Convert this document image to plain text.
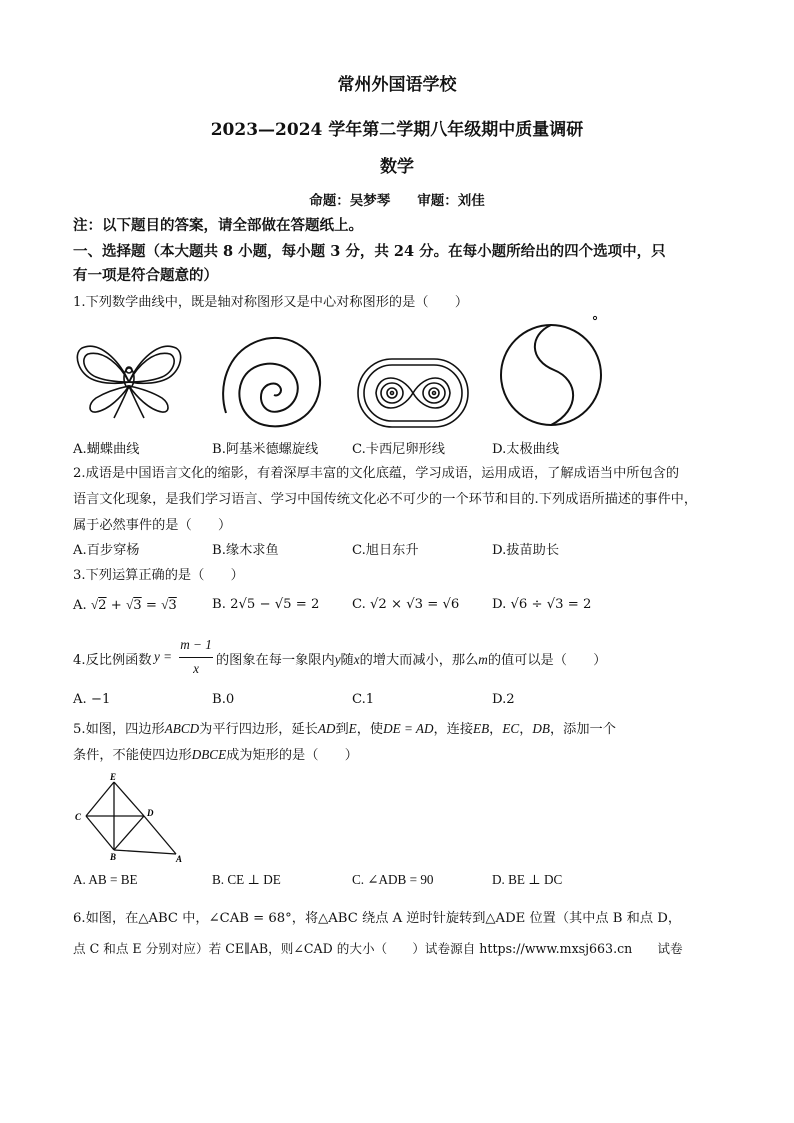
常州外国语学校
2023—2024 学年第二学期八年级期中质量调研
数学
命题：吴梦琴　　审题：刘佳
注：以下题目的答案，请全部做在答题纸上。
一、选择题（本大题共 8 小题，每小题 3 分，共 24 分。在每小题所给出的四个选项中，只
有一项是符合题意的）
1.下列数学曲线中，既是轴对称图形又是中心对称图形的是（　　）
A.蝴蝶曲线	B.阿基米德螺旋线	C.卡西尼卵形线	D.太极曲线
2.成语是中国语言文化的缩影，有着深厚丰富的文化底蕴，学习成语，运用成语，了解成语当中所包含的
语言文化现象，是我们学习语言、学习中国传统文化必不可少的一个环节和目的.下列成语所描述的事件中，
属于必然事件的是（　　）
A.百步穿杨	B.缘木求鱼	C.旭日东升	D.拔苗助长
3.下列运算正确的是（　　）
A. √2 + √3 = √3	B. 2√5 − √5 = 2 C. √2 × √3 = √6 D. √6 ÷ √3 = 2
4.反比例函数 y =
m − 1
x
的图象在每一象限内y随x的增大而减小，那么m的值可以是（　　）
A. −1	B.0	C.1	D.2
5.如图，四边形ABCD为平行四边形，延长AD到E，使DE = AD，连接EB，EC，DB，添加一个
条件，不能使四边形DBCE成为矩形的是（　　）
E
C	D
B	A
A. AB = BE	B. CE ⊥ DE	C. ∠ADB = 90	D. BE ⊥ DC
6.如图，在△ABC 中，∠CAB = 68°，将△ABC 绕点 A 逆时针旋转到△ADE 位置（其中点 B 和点 D，
点 C 和点 E 分别对应）若 CE∥AB，则∠CAD 的大小（　　）试卷源自 https://www.mxsj663.cn　　试卷
